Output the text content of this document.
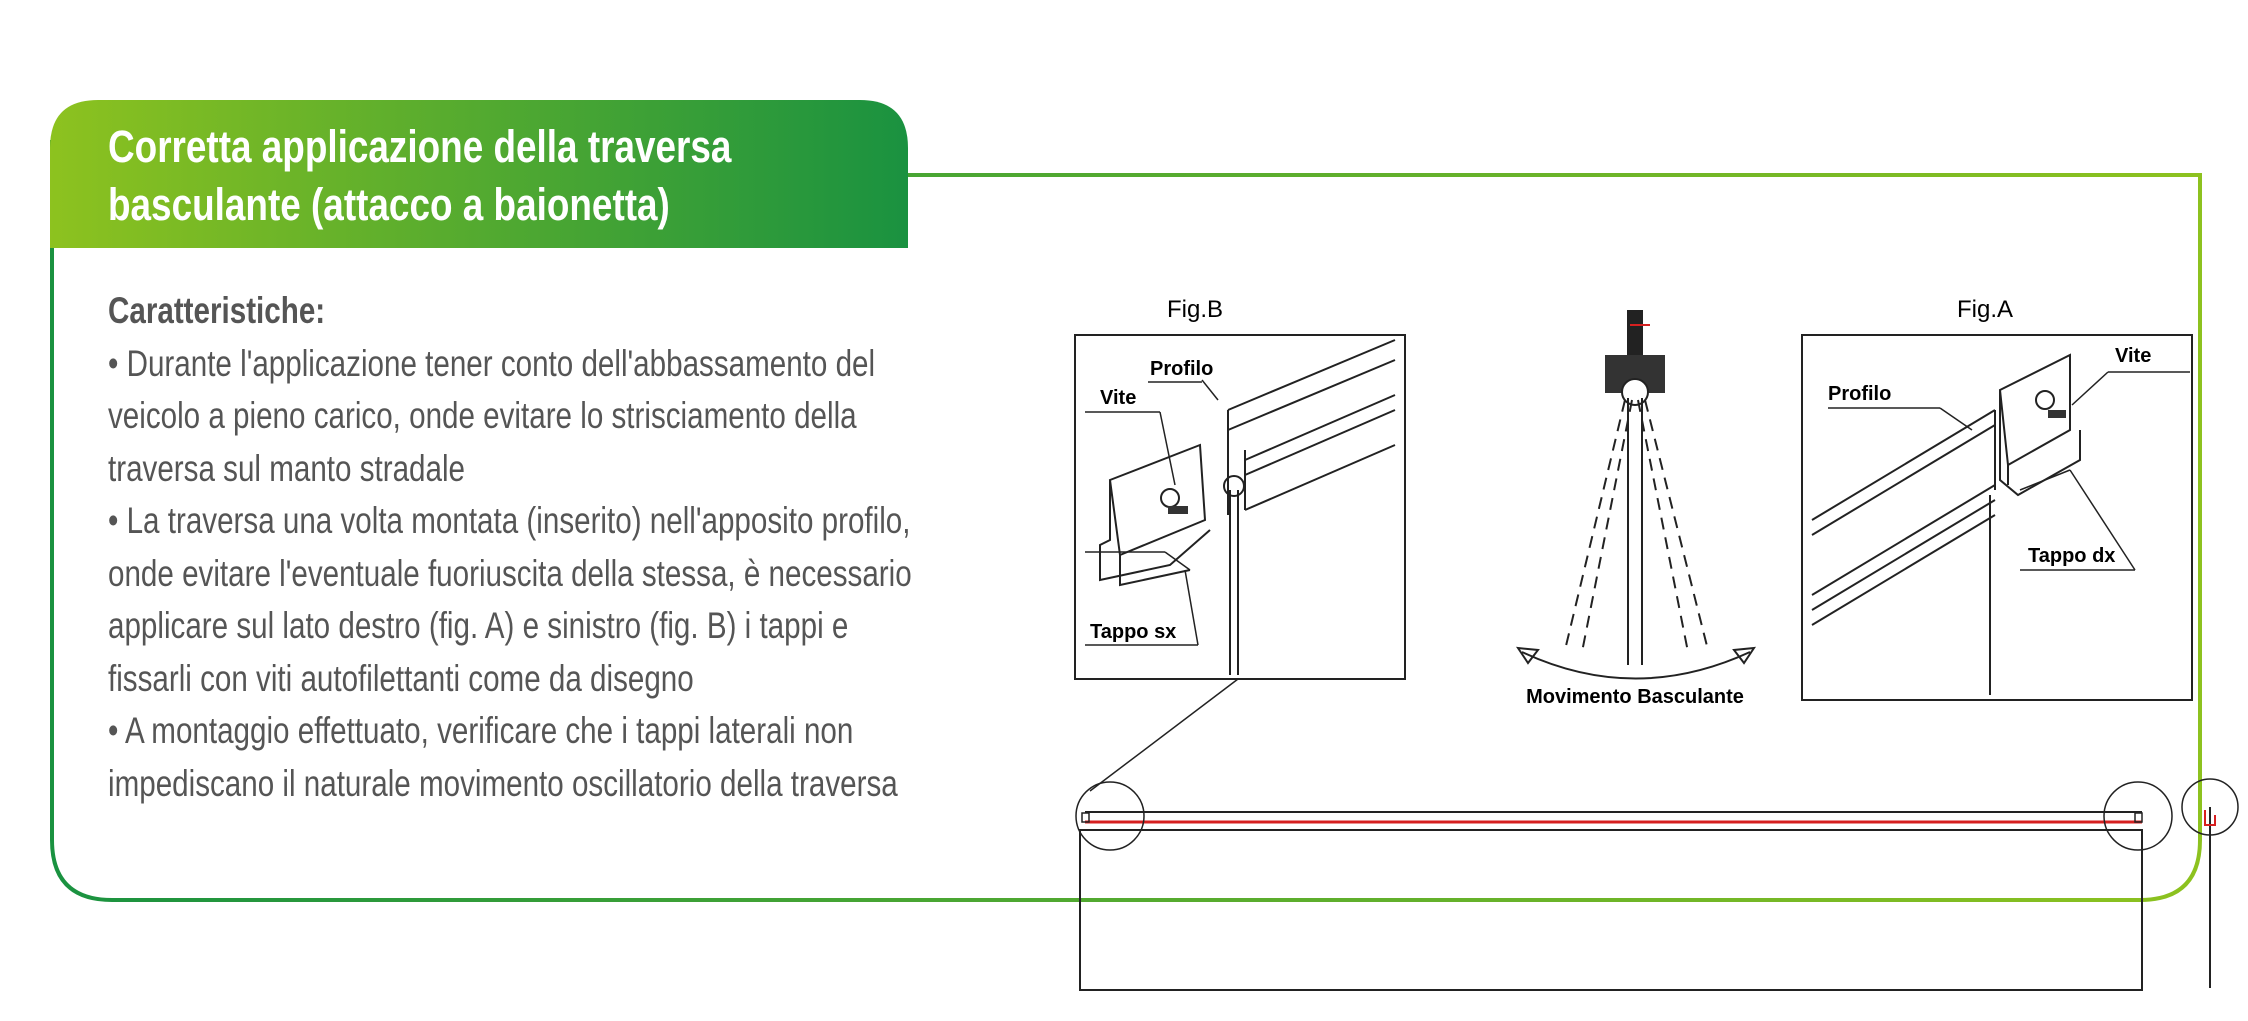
Corretta applicazione della traversa
basculante (attacco a baionetta)
Caratteristiche:
• Durante l'applicazione tener conto dell'abbassamento del veicolo a pieno carico, onde evitare lo strisciamento della traversa sul manto stradale
• La traversa una volta montata (inserito) nell'apposito profilo, onde evitare l'eventuale fuoriuscita della stessa, è necessario applicare sul lato destro (fig. A) e sinistro (fig. B) i tappi e fissarli con viti autofilettanti come da disegno
• A montaggio effettuato, verificare che i tappi laterali non impediscano il naturale movimento oscillatorio della traversa
Fig.B
Profilo
Vite
Tappo sx
Movimento Basculante
Fig.A
Vite
Profilo
Tappo dx
